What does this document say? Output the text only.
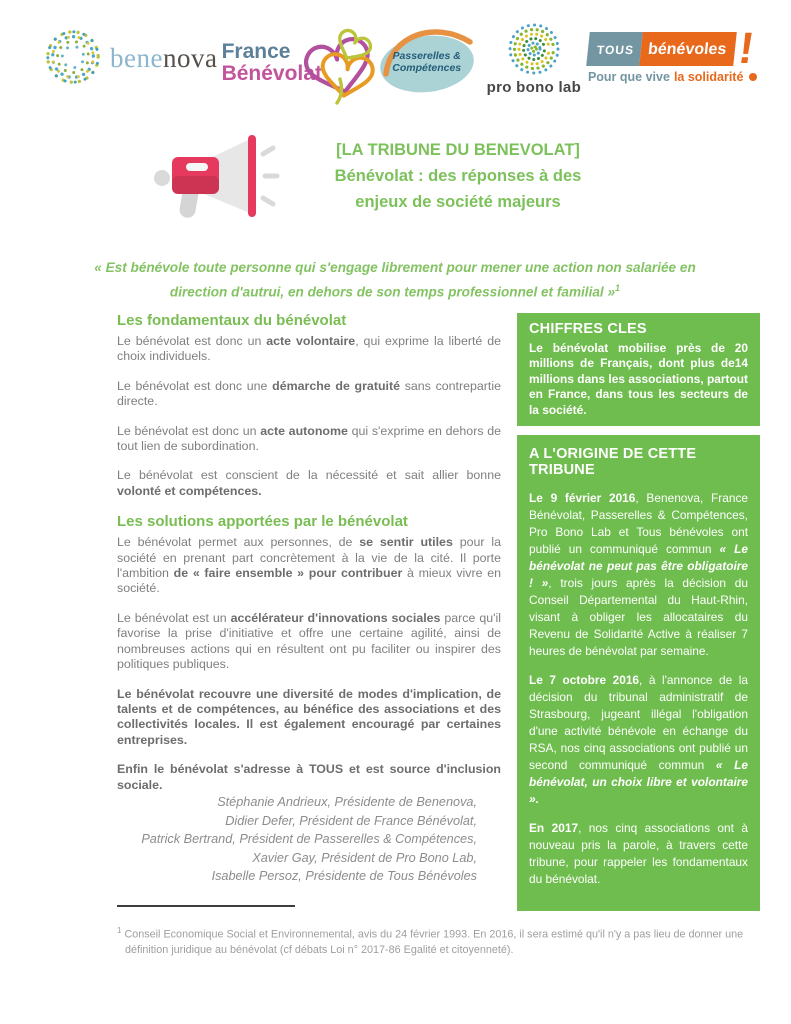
benenova France
Bénévolat
Passerelles &
Compétences
pro bono lab
TOUS bénévoles !
Pour que vive la solidarité
[LA TRIBUNE DU BENEVOLAT]
Bénévolat : des réponses à des
enjeux de société majeurs
« Est bénévole toute personne qui s'engage librement pour mener une action non salariée en direction d'autrui, en dehors de son temps professionnel et familial »$^1$
Les fondamentaux du bénévolat

Le bénévolat est donc un acte volontaire, qui exprime la liberté de choix individuels.

Le bénévolat est donc une démarche de gratuité sans contrepartie directe.

Le bénévolat est donc un acte autonome qui s'exprime en dehors de tout lien de subordination.

Le bénévolat est conscient de la nécessité et sait allier bonne volonté et compétences.

Les solutions apportées par le bénévolat

Le bénévolat permet aux personnes, de se sentir utiles pour la société en prenant part concrètement à la vie de la cité. Il porte l'ambition de « faire ensemble » pour contribuer à mieux vivre en société.

Le bénévolat est un accélérateur d'innovations sociales parce qu'il favorise la prise d'initiative et offre une certaine agilité, ainsi de nombreuses actions qui en résultent ont pu faciliter ou inspirer des politiques publiques.

Le bénévolat recouvre une diversité de modes d'implication, de talents et de compétences, au bénéfice des associations et des collectivités locales. Il est également encouragé par certaines entreprises.

Enfin le bénévolat s'adresse à TOUS et est source d'inclusion sociale.

Stéphanie Andrieux, Présidente de Benenova,
Didier Defer, Président de France Bénévolat,
Patrick Bertrand, Président de Passerelles & Compétences,
Xavier Gay, Président de Pro Bono Lab,
Isabelle Persoz, Présidente de Tous Bénévoles
CHIFFRES CLES

Le bénévolat mobilise près de 20 millions de Français, dont plus de14 millions dans les associations, partout en France, dans tous les secteurs de la société.

A L'ORIGINE DE CETTE TRIBUNE

Le 9 février 2016, Benenova, France Bénévolat, Passerelles & Compétences, Pro Bono Lab et Tous bénévoles ont publié un communiqué commun « Le bénévolat ne peut pas être obligatoire ! », trois jours après la décision du Conseil Départemental du Haut-Rhin, visant à obliger les allocataires du Revenu de Solidarité Active à réaliser 7 heures de bénévolat par semaine.

Le 7 octobre 2016, à l'annonce de la décision du tribunal administratif de Strasbourg, jugeant illégal l'obligation d'une activité bénévole en échange du RSA, nos cinq associations ont publié un second communiqué commun « Le bénévolat, un choix libre et volontaire ».

En 2017, nos cinq associations ont à nouveau pris la parole, à travers cette tribune, pour rappeler les fondamentaux du bénévolat.

$^1$ Conseil Economique Social et Environnemental, avis du 24 février 1993. En 2016, il sera estimé qu'il n'y a pas lieu de donner une définition juridique au bénévolat (cf débats Loi n° 2017-86 Egalité et citoyenneté).
